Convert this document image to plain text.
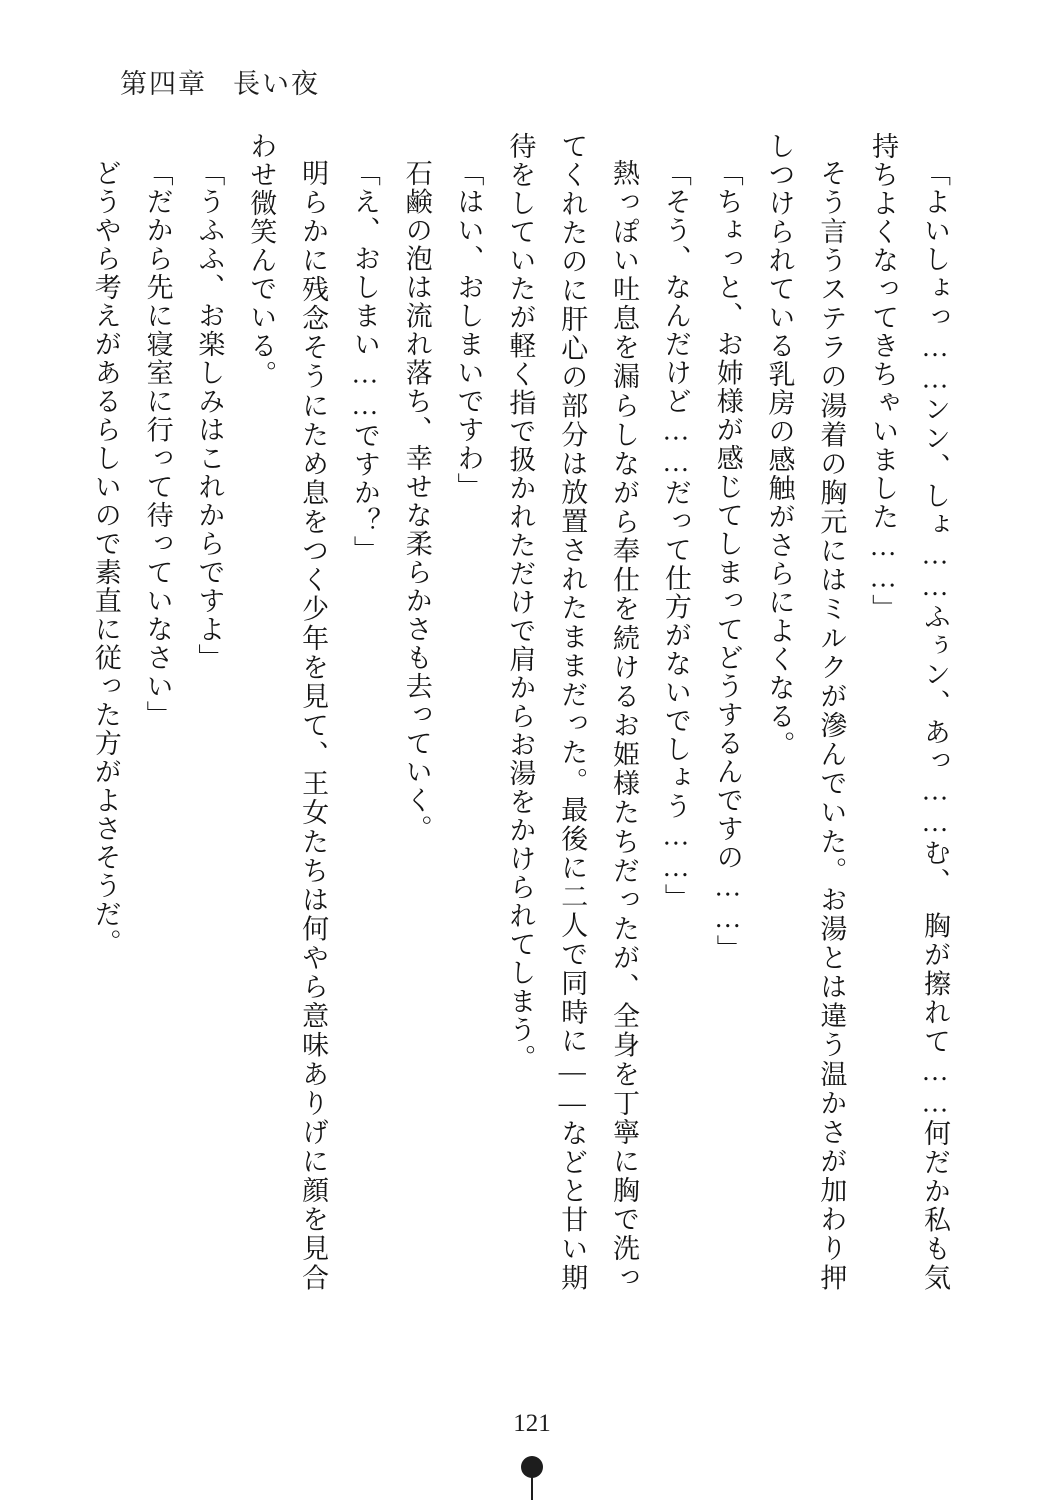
第四章 長い夜

「よいしょっ……ンン、しょ……ふぅン、あっ……む、　胸が擦れて……何だか私も気持ちよくなってきちゃいました……」

そう言うステラの湯着の胸元にはミルクが滲んでいた。お湯とは違う温かさが加わり押しつけられている乳房の感触がさらによくなる。

「ちょっと、お姉様が感じてしまってどうするんですの……」

「そう、なんだけど……だって仕方がないでしょう……」

熱っぽい吐息を漏らしながら奉仕を続けるお姫様たちだったが、全身を丁寧に胸で洗ってくれたのに肝心の部分は放置されたままだった。最後に二人で同時に――などと甘い期待をしていたが軽く指で扱かれただけで肩からお湯をかけられてしまう。

「はい、おしまいですわ」

石鹸の泡は流れ落ち、幸せな柔らかさも去っていく。

「え、おしまい……ですか？」

明らかに残念そうにため息をつく少年を見て、王女たちは何やら意味ありげに顔を見合わせ微笑んでいる。

「うふふ、お楽しみはこれからですよ」

「だから先に寝室に行って待っていなさい」

どうやら考えがあるらしいので素直に従った方がよさそうだ。

121
